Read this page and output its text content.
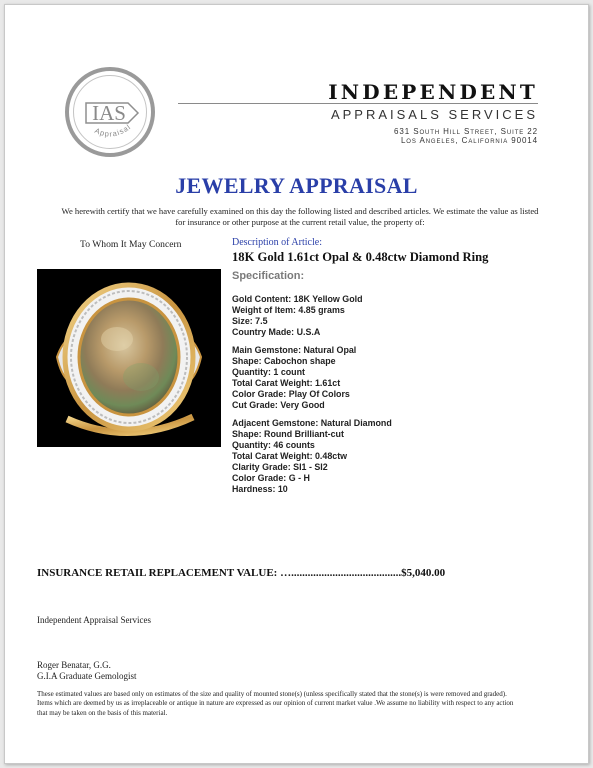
IAS
Appraisal
INDEPENDENT
APPRAISALS SERVICES
631 South Hill Street, Suite 22
Los Angeles, California 90014
JEWELRY APPRAISAL
We herewith certify that we have carefully examined on this day the following listed and described articles. We estimate the value as listed for insurance or other purpose at the current retail value, the property of:
To Whom It May Concern	Description of Article:
18K Gold 1.61ct Opal & 0.48ctw Diamond Ring
Specification:
Gold Content: 18K Yellow Gold
Weight of Item: 4.85 grams
Size: 7.5
Country Made: U.S.A
Main Gemstone: Natural Opal
Shape: Cabochon shape
Quantity: 1 count
Total Carat Weight: 1.61ct
Color Grade: Play Of Colors
Cut Grade: Very Good
Adjacent Gemstone: Natural Diamond
Shape: Round Brilliant-cut
Quantity: 46 counts
Total Carat Weight: 0.48ctw
Clarity Grade: SI1 - SI2
Color Grade: G - H
Hardness: 10
INSURANCE RETAIL REPLACEMENT VALUE: …........................................$5,040.00
Independent Appraisal Services
Roger Benatar, G.G.
G.I.A Graduate Gemologist
These estimated values are based only on estimates of the size and quality of mounted stone(s) (unless specifically stated that the stone(s) is were removed and graded). Items which are deemed by us as irreplaceable or antique in nature are expressed as our opinion of current market value .We assume no liability with respect to any action that may be taken on the basis of this material.
